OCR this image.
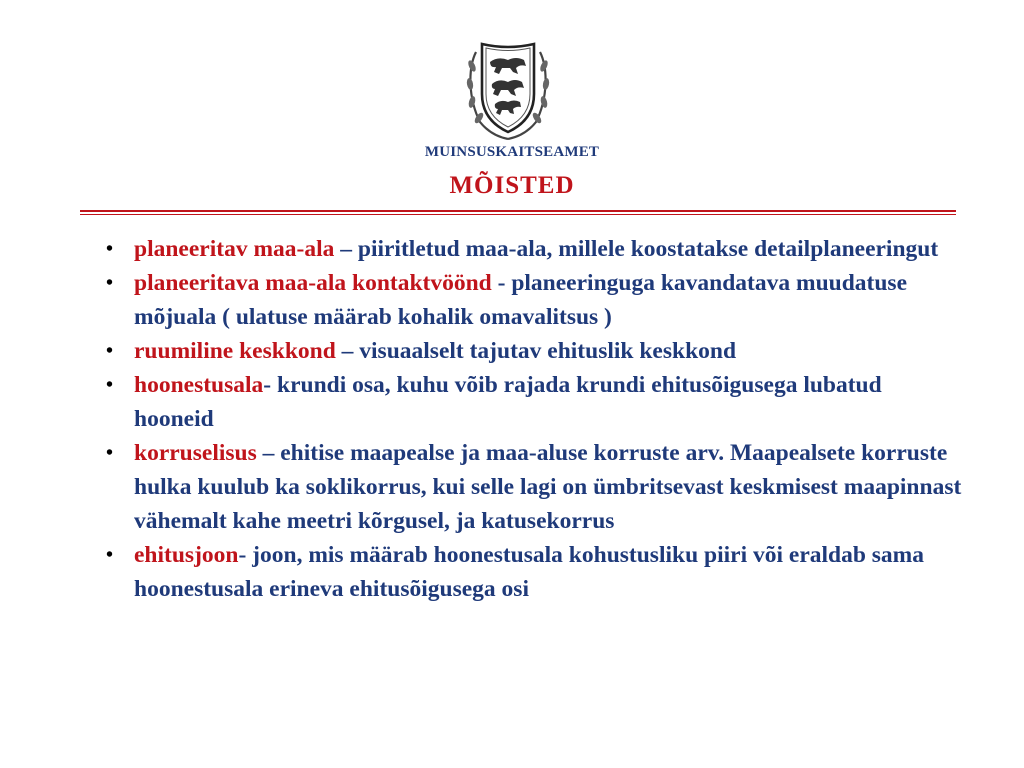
MUINSUSKAITSEAMET
MÕISTED
• planeeritav maa-ala – piiritletud maa-ala, millele koostatakse detailplaneeringut
• planeeritava maa-ala kontaktvöönd - planeeringuga kavandatava muudatuse mõjuala ( ulatuse määrab kohalik omavalitsus )
• ruumiline keskkond – visuaalselt tajutav ehituslik keskkond
• hoonestusala- krundi osa, kuhu võib rajada krundi ehitusõigusega lubatud hooneid
• korruselisus – ehitise maapealse ja maa-aluse korruste arv. Maapealsete korruste hulka kuulub ka soklikorrus, kui selle lagi on ümbritsevast keskmisest maapinnast vähemalt kahe meetri kõrgusel, ja katusekorrus
• ehitusjoon- joon, mis määrab hoonestusala kohustusliku piiri või eraldab sama hoonestusala erineva ehitusõigusega osi
